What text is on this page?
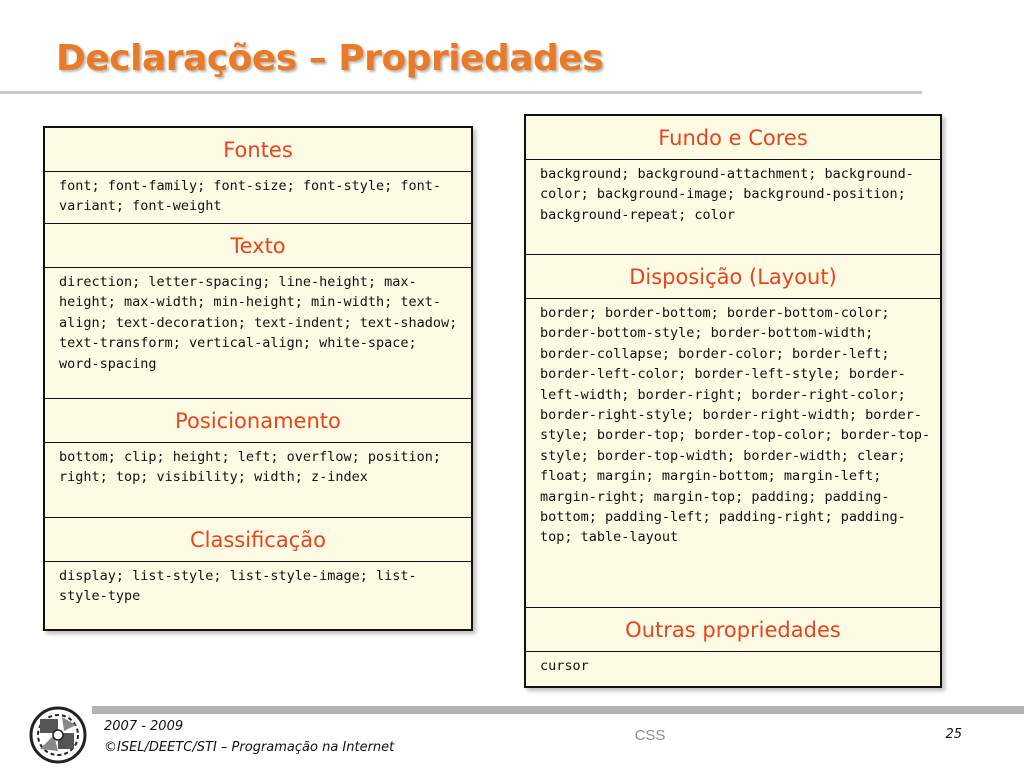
Declarações – Propriedades
Fontes
font; font-family; font-size; font-style; font-variant; font-weight
Texto
direction; letter-spacing; line-height; max-height; max-width; min-height; min-width; text-align; text-decoration; text-indent; text-shadow; text-transform; vertical-align; white-space; word-spacing
Posicionamento
bottom; clip; height; left; overflow; position; right; top; visibility; width; z-index
Classificação
display; list-style; list-style-image; list-style-type
Fundo e Cores
background; background-attachment; background-color; background-image; background-position; background-repeat; color
Disposição (Layout)
border; border-bottom; border-bottom-color; border-bottom-style; border-bottom-width; border-collapse; border-color; border-left; border-left-color; border-left-style; border-left-width; border-right; border-right-color; border-right-style; border-right-width; border-style; border-top; border-top-color; border-top-style; border-top-width; border-width; clear; float; margin; margin-bottom; margin-left; margin-right; margin-top; padding; padding-bottom; padding-left; padding-right; padding-top; table-layout
Outras propriedades
cursor
2007 - 2009
©ISEL/DEETC/STI – Programação na Internet
CSS	25
